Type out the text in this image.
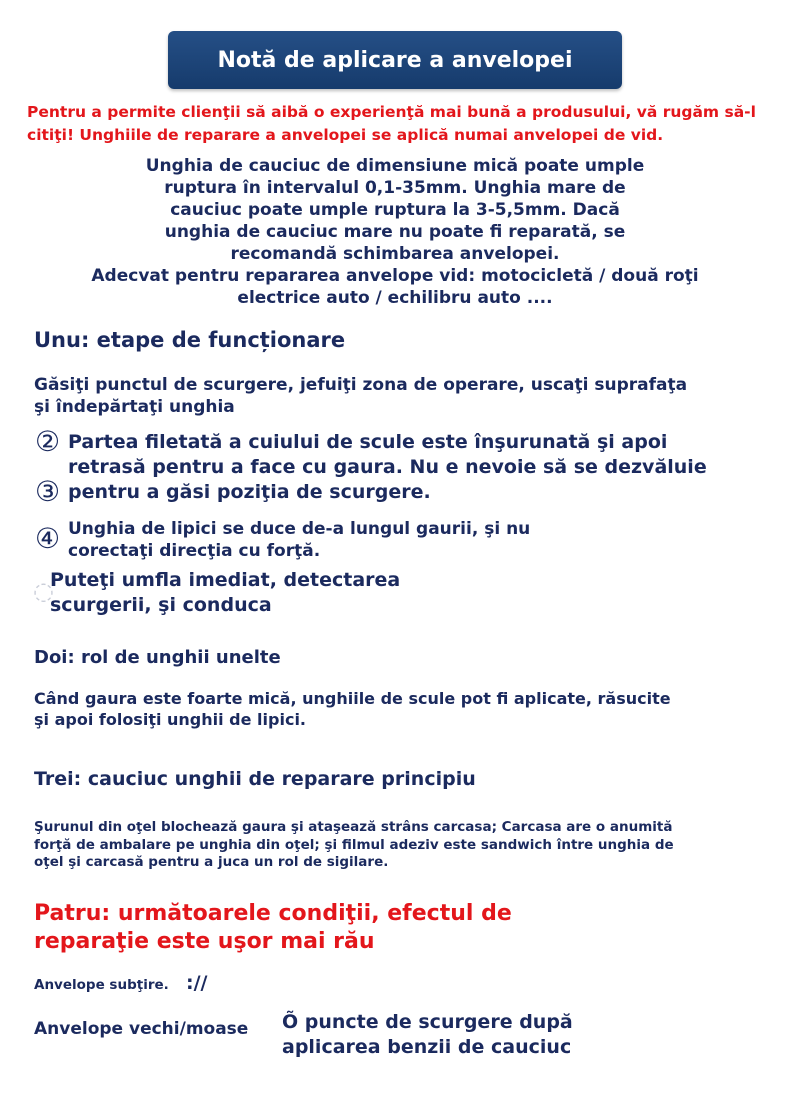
Notă de aplicare a anvelopei
Pentru a permite clienţii să aibă o experienţă mai bună a produsului, vă rugăm să-l
citiţi! Unghiile de reparare a anvelopei se aplică numai anvelopei de vid.
Unghia de cauciuc de dimensiune mică poate umple
ruptura în intervalul 0,1-35mm. Unghia mare de
cauciuc poate umple ruptura la 3-5,5mm. Dacă
unghia de cauciuc mare nu poate fi reparată, se
recomandă schimbarea anvelopei.
Adecvat pentru repararea anvelope vid: motocicletă / două roţi
electrice auto / echilibru auto ....
Unu: etape de funcționare
Găsiţi punctul de scurgere, jefuiţi zona de operare, uscaţi suprafaţa
şi îndepărtaţi unghia
② Partea filetată a cuiului de scule este înşurunată şi apoi
retrasă pentru a face cu gaura. Nu e nevoie să se dezvăluie
③ pentru a găsi poziţia de scurgere.
④ Unghia de lipici se duce de-a lungul gaurii, şi nu
corectaţi direcţia cu forţă.
◌
Puteţi umfla imediat, detectarea
scurgerii, şi conduca
Doi: rol de unghii unelte
Când gaura este foarte mică, unghiile de scule pot fi aplicate, răsucite
şi apoi folosiţi unghii de lipici.
Trei: cauciuc unghii de reparare principiu
Şurunul din oţel blochează gaura şi ataşează strâns carcasa; Carcasa are o anumită
forţă de ambalare pe unghia din oţel; şi filmul adeziv este sandwich între unghia de
oţel şi carcasă pentru a juca un rol de sigilare.
Patru: următoarele condiţii, efectul de
reparaţie este uşor mai rău
Anvelope subţire. ://
Anvelope vechi/moase Õ puncte de scurgere după
aplicarea benzii de cauciuc
